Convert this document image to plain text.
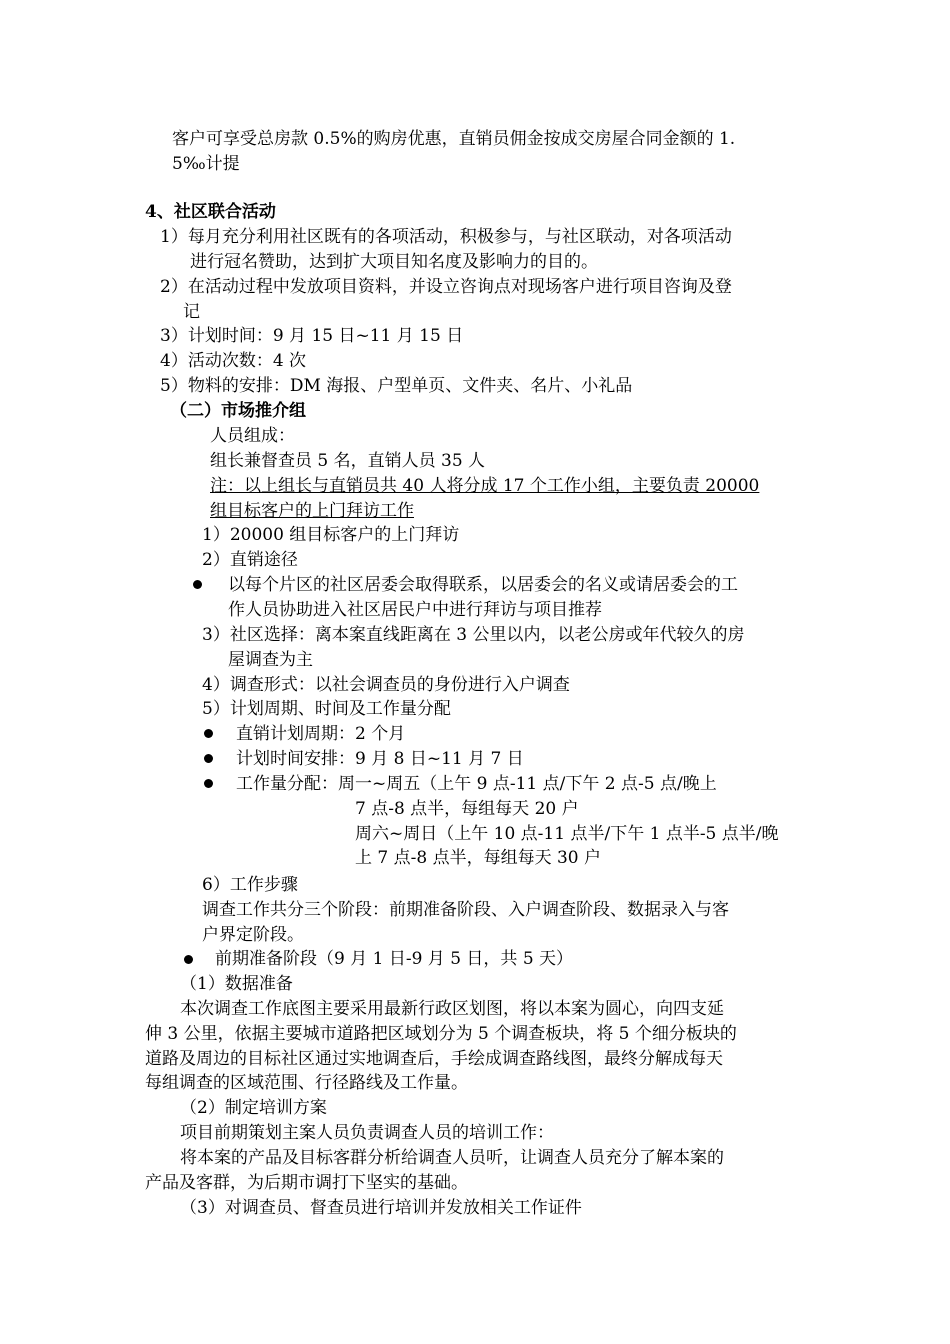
客户可享受总房款 0.5%的购房优惠，直销员佣金按成交房屋合同金额的 1.
5‰计提
4、社区联合活动
1）每月充分利用社区既有的各项活动，积极参与，与社区联动，对各项活动
进行冠名赞助，达到扩大项目知名度及影响力的目的。
2）在活动过程中发放项目资料，并设立咨询点对现场客户进行项目咨询及登
记
3）计划时间：9 月 15 日~11 月 15 日
4）活动次数：4 次
5）物料的安排：DM 海报、户型单页、文件夹、名片、小礼品
（二）市场推介组
人员组成：
组长兼督查员 5 名，直销人员 35 人
注：以上组长与直销员共 40 人将分成 17 个工作小组，主要负责 20000
组目标客户的上门拜访工作
1）20000 组目标客户的上门拜访
2）直销途径
以每个片区的社区居委会取得联系，以居委会的名义或请居委会的工
作人员协助进入社区居民户中进行拜访与项目推荐
3）社区选择：离本案直线距离在 3 公里以内，以老公房或年代较久的房
屋调查为主
4）调查形式：以社会调查员的身份进行入户调查
5）计划周期、时间及工作量分配
直销计划周期：2 个月
计划时间安排：9 月 8 日~11 月 7 日
工作量分配：周一~周五（上午 9 点-11 点/下午 2 点-5 点/晚上
7 点-8 点半，每组每天 20 户
周六~周日（上午 10 点-11 点半/下午 1 点半-5 点半/晚
上 7 点-8 点半，每组每天 30 户
6）工作步骤
调查工作共分三个阶段：前期准备阶段、入户调查阶段、数据录入与客
户界定阶段。
前期准备阶段（9 月 1 日-9 月 5 日，共 5 天）
（1）数据准备
本次调查工作底图主要采用最新行政区划图，将以本案为圆心，向四支延
伸 3 公里，依据主要城市道路把区域划分为 5 个调查板块，将 5 个细分板块的
道路及周边的目标社区通过实地调查后，手绘成调查路线图，最终分解成每天
每组调查的区域范围、行径路线及工作量。
（2）制定培训方案
项目前期策划主案人员负责调查人员的培训工作：
将本案的产品及目标客群分析给调查人员听，让调查人员充分了解本案的
产品及客群，为后期市调打下坚实的基础。
（3）对调查员、督查员进行培训并发放相关工作证件
